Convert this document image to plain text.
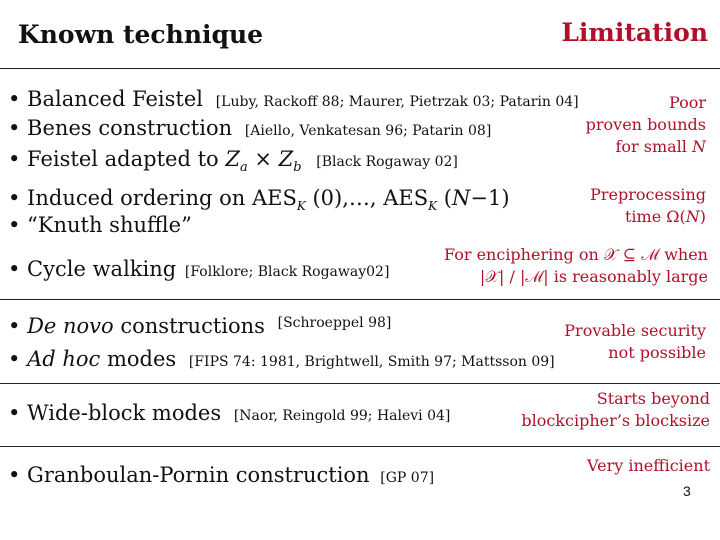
Known technique	Limitation
• Balanced Feistel [Luby, Rackoff 88; Maurer, Pietrzak 03; Patarin 04]
• Benes construction [Aiello, Venkatesan 96; Patarin 08]
• Feistel adapted to $Z_a \times Z_b$ [Black Rogaway 02]
Poor
proven bounds
for small N
• Induced ordering on $AES_K$ (0),…, $AES_K$ (N−1)
• “Knuth shuffle”
Preprocessing
time Ω(N)
• Cycle walking [Folklore; Black Rogaway02]
For enciphering on 𝒳 ⊆ ℳ when
|𝒳| / |ℳ| is reasonably large
• De novo constructions [Schroeppel 98]
• Ad hoc modes [FIPS 74: 1981, Brightwell, Smith 97; Mattsson 09]
Provable security
not possible
• Wide-block modes [Naor, Reingold 99; Halevi 04]
Starts beyond
blockcipher’s blocksize
• Granboulan-Pornin construction [GP 07]
Very inefficient
3
